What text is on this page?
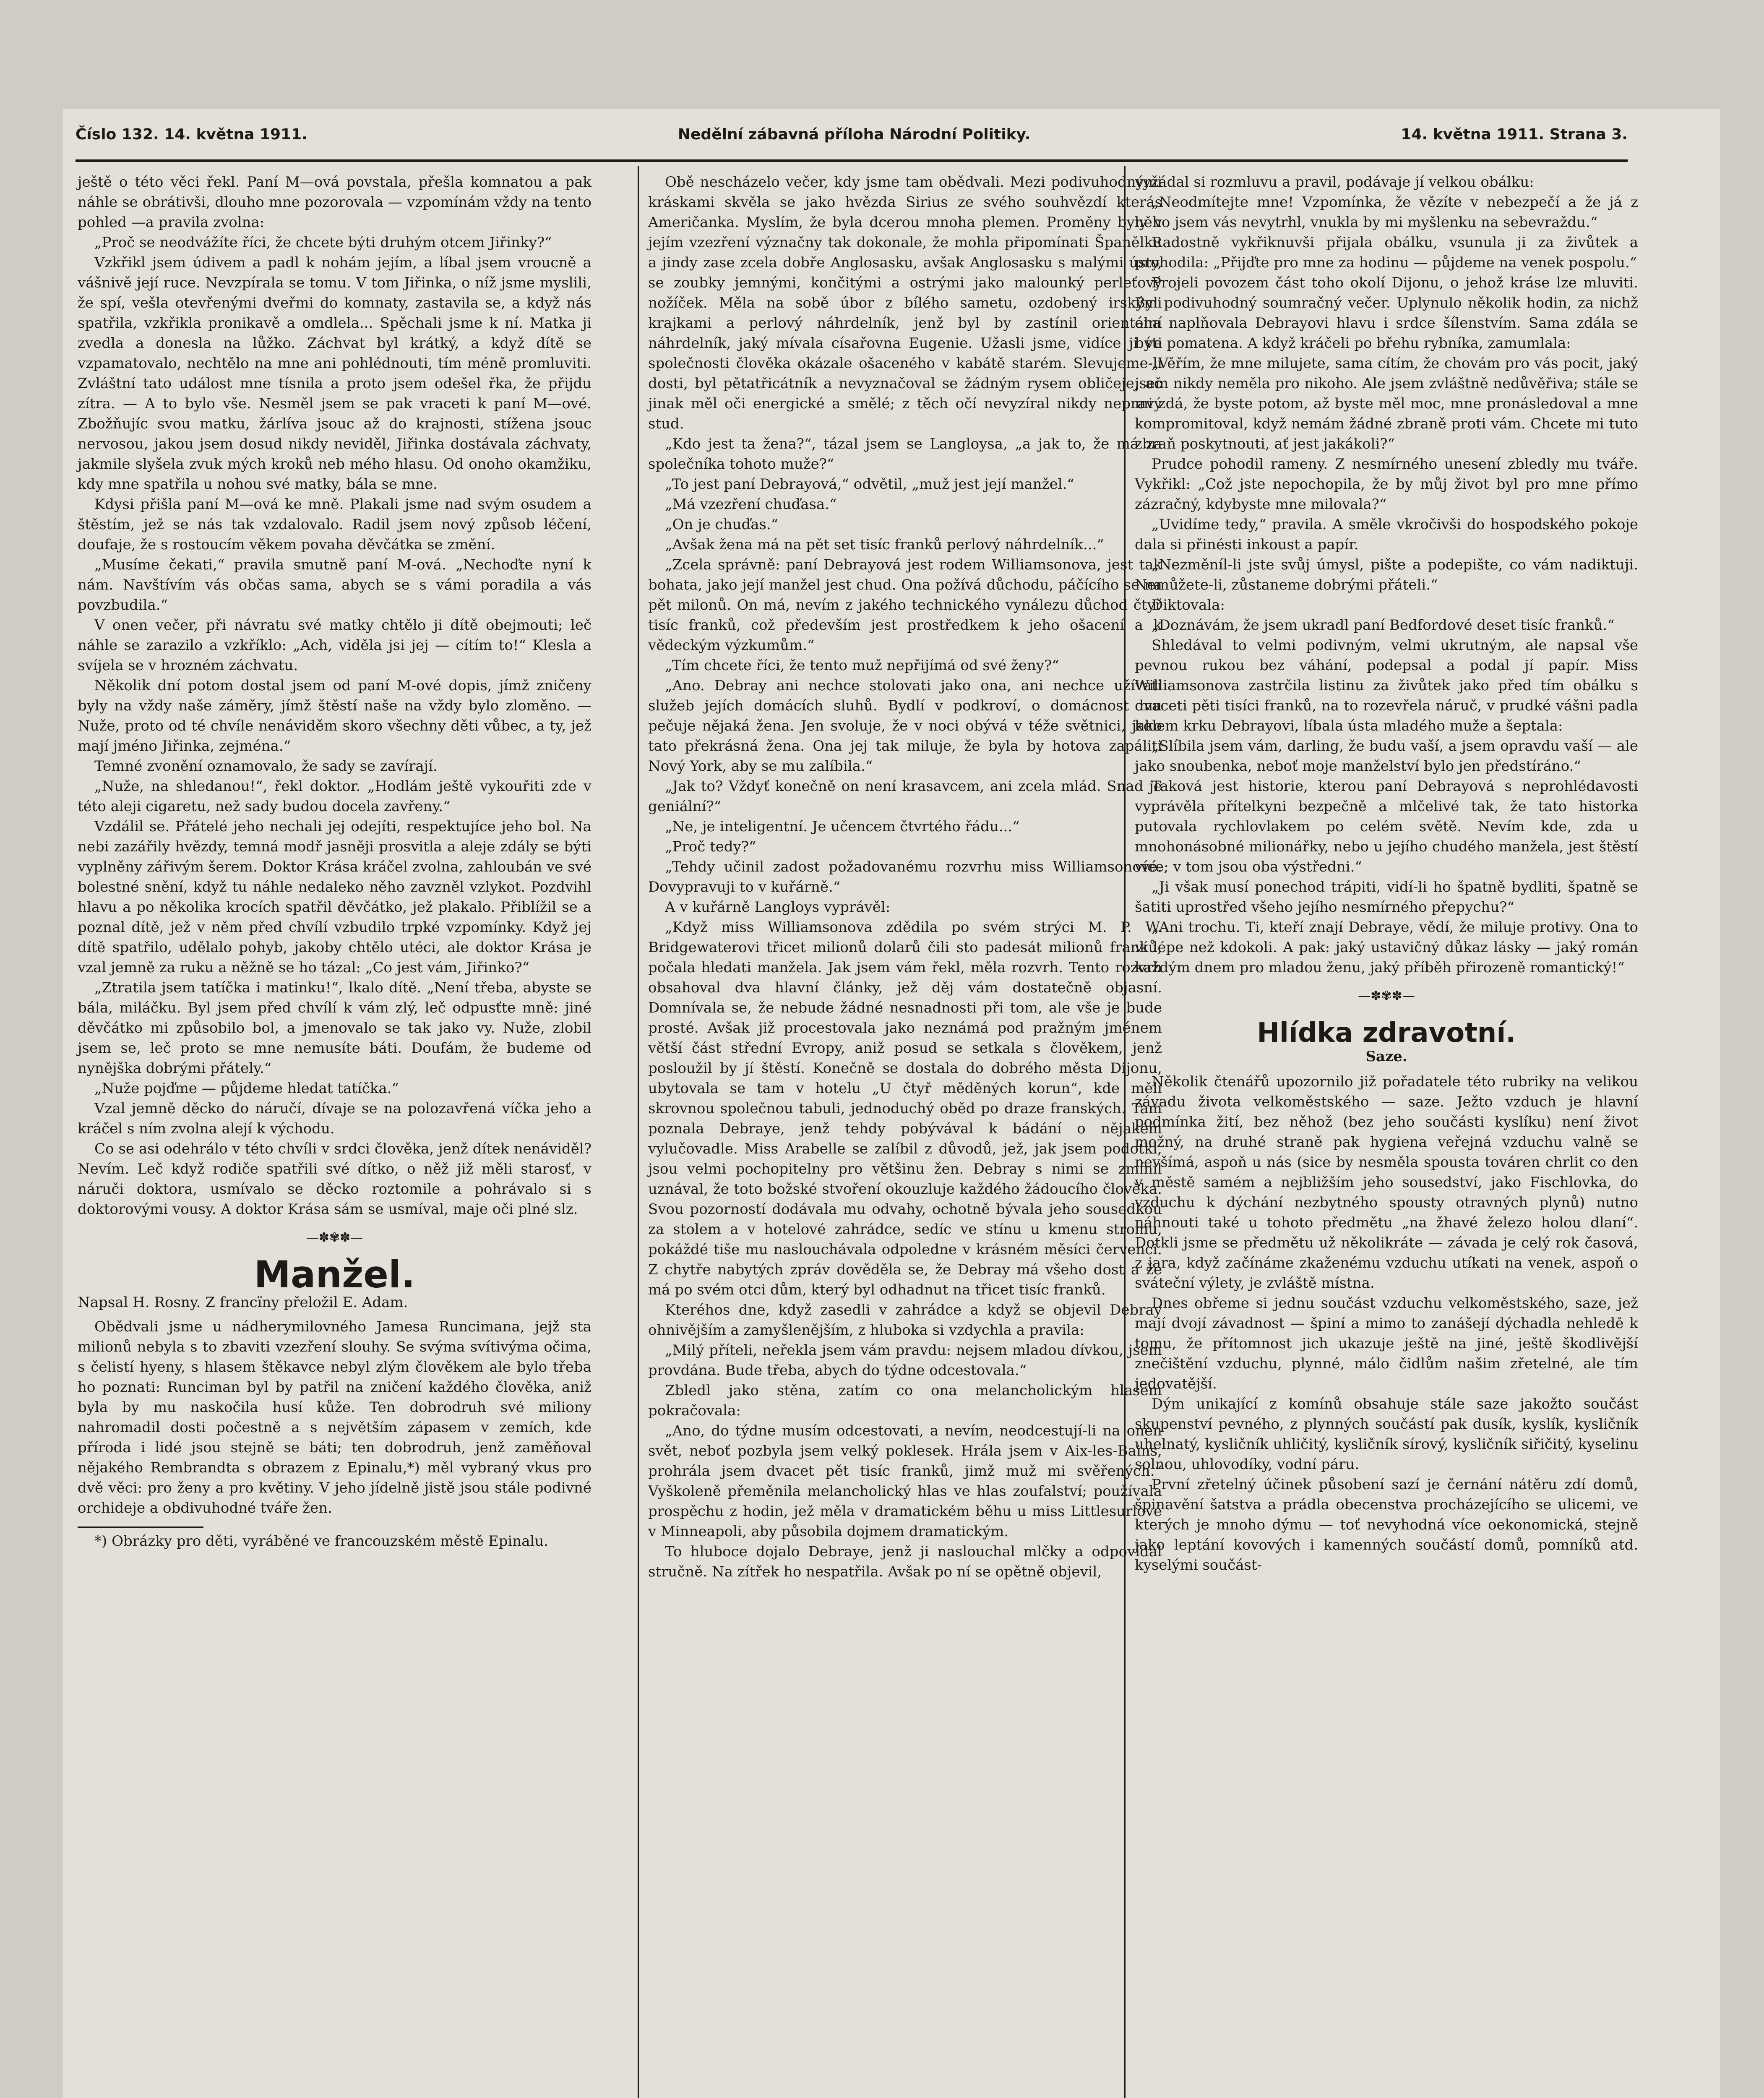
Číslo 132. 14. května 1911.	Nedělní zábavná příloha Národní Politiky.	14. května 1911. Strana 3.

ještě o této věci řekl. Paní M—ová povstala, přešla komnatou a pak náhle se obrátivši, dlouho mne pozorovala — vzpomínám vždy na tento pohled —a pravila zvolna:

„Proč se neodvážíte říci, že chcete býti druhým otcem Jiřinky?“

Vzkřikl jsem údivem a padl k nohám jejím, a líbal jsem vroucně a vášnivě její ruce. Nevzpírala se tomu. V tom Jiřinka, o níž jsme myslili, že spí, vešla otevřenými dveřmi do komnaty, zastavila se, a když nás spatřila, vzkřikla pronikavě a omdlela... Spěchali jsme k ní. Matka ji zvedla a donesla na lůžko. Záchvat byl krátký, a když dítě se vzpamatovalo, nechtělo na mne ani pohlédnouti, tím méně promluviti. Zvláštní tato událost mne tísnila a proto jsem odešel řka, že přijdu zítra. — A to bylo vše. Nesměl jsem se pak vraceti k paní M—ové. Zbožňujíc svou matku, žárlíva jsouc až do krajnosti, stížena jsouc nervosou, jakou jsem dosud nikdy neviděl, Jiřinka dostávala záchvaty, jakmile slyšela zvuk mých kroků neb mého hlasu. Od onoho okamžiku, kdy mne spatřila u nohou své matky, bála se mne.

Kdysi přišla paní M—ová ke mně. Plakali jsme nad svým osudem a štěstím, jež se nás tak vzdalovalo. Radil jsem nový způsob léčení, doufaje, že s rostoucím věkem povaha děvčátka se změní.

„Musíme čekati,“ pravila smutně paní M-ová. „Nechoďte nyní k nám. Navštívím vás občas sama, abych se s vámi poradila a vás povzbudila.“

V onen večer, při návratu své matky chtělo ji dítě obejmouti; leč náhle se zarazilo a vzkříklo: „Ach, viděla jsi jej — cítím to!“ Klesla a svíjela se v hrozném záchvatu.

Několik dní potom dostal jsem od paní M-ové dopis, jímž zničeny byly na vždy naše záměry, jímž štěstí naše na vždy bylo zloměno. — Nuže, proto od té chvíle nenáviděm skoro všechny děti vůbec, a ty, jež mají jméno Jiřinka, zejména.“

Temné zvonění oznamovalo, že sady se zavírají.

„Nuže, na shledanou!“, řekl doktor. „Hodlám ještě vykouřiti zde v této aleji cigaretu, než sady budou docela zavřeny.“

Vzdálil se. Přátelé jeho nechali jej odejíti, respektujíce jeho bol. Na nebi zazářily hvězdy, temná modř jasněji prosvitla a aleje zdály se býti vyplněny zářivým šerem. Doktor Krása kráčel zvolna, zahloubán ve své bolestné snění, když tu náhle nedaleko něho zavzněl vzlykot. Pozdvihl hlavu a po několika krocích spatřil děvčátko, jež plakalo. Přiblížil se a poznal dítě, jež v něm před chvílí vzbudilo trpké vzpomínky. Když jej dítě spatřilo, udělalo pohyb, jakoby chtělo utéci, ale doktor Krása je vzal jemně za ruku a něžně se ho tázal: „Co jest vám, Jiřinko?“

„Ztratila jsem tatíčka i matinku!“, lkalo dítě. „Není třeba, abyste se bála, miláčku. Byl jsem před chvílí k vám zlý, leč odpusťte mně: jiné děvčátko mi způsobilo bol, a jmenovalo se tak jako vy. Nuže, zlobil jsem se, leč proto se mne nemusíte báti. Doufám, že budeme od nynějška dobrými přátely.“

„Nuže pojďme — půjdeme hledat tatíčka.“

Vzal jemně děcko do náručí, dívaje se na polozavřená víčka jeho a kráčel s ním zvolna alejí k východu.

Co se asi odehrálo v této chvíli v srdci člověka, jenž dítek nenáviděl? Nevím. Leč když rodiče spatřili své dítko, o něž již měli starosť, v náruči doktora, usmívalo se děcko roztomile a pohrávalo si s doktorovými vousy. A doktor Krása sám se usmíval, maje oči plné slz.

—✽✾✽—
Manžel.

Napsal H. Rosny. Z francïny přeložil E. Adam.

Obědvali jsme u nádherymilovného Jamesa Runcimana, jejž sta milionů nebyla s to zbaviti vzezření slouhy. Se svýma svítivýma očima, s čelistí hyeny, s hlasem štěkavce nebyl zlým člověkem ale bylo třeba ho poznati: Runciman byl by patřil na zničení každého člověka, aniž byla by mu naskočila husí kůže. Ten dobrodruh své miliony nahromadil dosti počestně a s největším zápasem v zemích, kde příroda i lidé jsou stejně se báti; ten dobrodruh, jenž zaměňoval nějakého Rembrandta s obrazem z Epinalu,*) měl vybraný vkus pro dvě věci: pro ženy a pro květiny. V jeho jídelně jistě jsou stále podivné orchideje a obdivuhodné tváře žen.

*) Obrázky pro děti, vyráběné ve francouzském městě Epinalu.

Obě nescházelo večer, kdy jsme tam obědvali. Mezi podivuhodnými kráskami skvěla se jako hvězda Sirius ze svého souhvězdí kterás Američanka. Myslím, že byla dcerou mnoha plemen. Proměny byly v jejím vzezření význačny tak dokonale, že mohla připomínati Španělku a jindy zase zcela dobře Anglosasku, avšak Anglosasku s malými ústy, se zoubky jemnými, končitými a ostrými jako malounký perleťový nožíček. Měla na sobě úbor z bílého sametu, ozdobený irskými krajkami a perlový náhrdelník, jenž byl by zastínil orientální náhrdelník, jaký mívala císařovna Eugenie. Užasli jsme, vidíce ji ve společnosti člověka okázale ošaceného v kabátě starém. Slevujeme-li dosti, byl pětatřicátník a nevyznačoval se žádným rysem obličeje, ač jinak měl oči energické a smělé; z těch očí nevyzíral nikdy nepravý stud.

„Kdo jest ta žena?“, tázal jsem se Langloysa, „a jak to, že má za společníka tohoto muže?“

„To jest paní Debrayová,“ odvětil, „muž jest její manžel.“

„Má vzezření chuďasa.“

„On je chuďas.“

„Avšak žena má na pět set tisíc franků perlový náhrdelník...“

„Zcela správně: paní Debrayová jest rodem Williamsonova, jest tak bohata, jako její manžel jest chud. Ona požívá důchodu, páčícího se na pět milonů. On má, nevím z jakého technického vynálezu důchod čtyř tisíc franků, což především jest prostředkem k jeho ošacení a k vědeckým výzkumům.“

„Tím chcete říci, že tento muž nepřijímá od své ženy?“

„Ano. Debray ani nechce stolovati jako ona, ani nechce užívati služeb jejích domácích sluhů. Bydlí v podkroví, o domácnost mu pečuje nějaká žena. Jen svoluje, že v noci obývá v téže světnici, jako tato překrásná žena. Ona jej tak miluje, že byla by hotova zapáliti Nový York, aby se mu zalíbila.“

„Jak to? Vždyť konečně on není krasavcem, ani zcela mlád. Snad je geniální?“

„Ne, je inteligentní. Je učencem čtvrtého řádu...“

„Proč tedy?“

„Tehdy učinil zadost požadovanému rozvrhu miss Williamsonové. Dovypravuji to v kuřárně.“

A v kuřárně Langloys vyprávěl:

„Když miss Williamsonova zdědila po svém strýci M. P. W. Bridgewaterovi třicet milionů dolarů čili sto padesát milionů franků, počala hledati manžela. Jak jsem vám řekl, měla rozvrh. Tento rozvrh obsahoval dva hlavní články, jež děj vám dostatečně objasní. Domnívala se, že nebude žádné nesnadnosti při tom, ale vše je bude prosté. Avšak již procestovala jako neznámá pod pražným jménem větší část střední Evropy, aniž posud se setkala s člověkem, jenž posloužil by jí štěstí. Konečně se dostala do dobrého města Dijonu, ubytovala se tam v hotelu „U čtyř měděných korun“, kde měli skrovnou společnou tabuli, jednoduchý oběd po draze franských. Tam poznala Debraye, jenž tehdy pobývával k bádání o nějakém vylučovadle. Miss Arabelle se zalíbil z důvodů, jež, jak jsem podotkl, jsou velmi pochopitelny pro většinu žen. Debray s nimi se zmínil uznával, že toto božské stvoření okouzluje každého žádoucího člověka. Svou pozorností dodávala mu odvahy, ochotně bývala jeho sousedkou za stolem a v hotelové zahrádce, sedíc ve stínu u kmenu stromu, pokáždé tiše mu naslouchávala odpoledne v krásném měsíci červenci. Z chytře nabytých zpráv dověděla se, že Debray má všeho dost a že má po svém otci dům, který byl odhadnut na třicet tisíc franků.

Kteréhos dne, když zasedli v zahrádce a když se objevil Debray ohnivějším a zamyšlenějším, z hluboka si vzdychla a pravila:

„Milý příteli, neřekla jsem vám pravdu: nejsem mladou dívkou, jsem provdána. Bude třeba, abych do týdne odcestovala.“

Zbledl jako stěna, zatím co ona melancholickým hlasem pokračovala:

„Ano, do týdne musím odcestovati, a nevím, neodcestují-li na onen svět, neboť pozbyla jsem velký poklesek. Hrála jsem v Aix-les-Bains, prohrála jsem dvacet pět tisíc franků, jimž muž mi svěřených.“ Vyškoleně přeměnila melancholický hlas ve hlas zoufalství; používala prospěchu z hodin, jež měla v dramatickém běhu u miss Littlesurlové v Minneapoli, aby působila dojmem dramatickým.

To hluboce dojalo Debraye, jenž ji naslouchal mlčky a odpovídal stručně. Na zítřek ho nespatřila. Avšak po ní se opětně objevil,

vyžádal si rozmluvu a pravil, podávaje jí velkou obálku:

„Neodmítejte mne! Vzpomínka, že vězíte v nebezpečí a že já z něho jsem vás nevytrhl, vnukla by mi myšlenku na sebevraždu.“

Radostně vykřiknuvši přijala obálku, vsunula ji za živůtek a prohodila: „Přijďte pro mne za hodinu — půjdeme na venek pospolu.“

Projeli povozem část toho okolí Dijonu, o jehož kráse lze mluviti. Byl podivuhodný soumračný večer. Uplynulo několik hodin, za nichž ona naplňovala Debrayovi hlavu i srdce šílenstvím. Sama zdála se býti pomatena. A když kráčeli po břehu rybníka, zamumlala:

„Věřím, že mne milujete, sama cítím, že chovám pro vás pocit, jaký jsem nikdy neměla pro nikoho. Ale jsem zvláštně nedůvěřiva; stále se mi zdá, že byste potom, až byste měl moc, mne pronásledoval a mne kompromitoval, když nemám žádné zbraně proti vám. Chcete mi tuto zbraň poskytnouti, ať jest jakákoli?“

Prudce pohodil rameny. Z nesmírného unesení zbledly mu tváře. Vykřikl: „Což jste nepochopila, že by můj život byl pro mne přímo zázračný, kdybyste mne milovala?“

„Uvidíme tedy,“ pravila. A směle vkročivši do hospodského pokoje dala si přinésti inkoust a papír.

„Nezměníl-li jste svůj úmysl, pište a podepište, co vám nadiktuji. Nemůžete-li, zůstaneme dobrými přáteli.“

Diktovala:

„Doznávám, že jsem ukradl paní Bedfordové deset tisíc franků.“

Shledával to velmi podivným, velmi ukrutným, ale napsal vše pevnou rukou bez váhání, podepsal a podal jí papír. Miss Williamsonova zastrčila listinu za živůtek jako před tím obálku s dvaceti pěti tisíci franků, na to rozevřela náruč, v prudké vášni padla kolem krku Debrayovi, líbala ústa mladého muže a šeptala:

„Slíbila jsem vám, darling, že budu vaší, a jsem opravdu vaší — ale jako snoubenka, neboť moje manželství bylo jen předstíráno.“

Taková jest historie, kterou paní Debrayová s neprohlédavosti vyprávěla přítelkyni bezpečně a mlčelivé tak, že tato historka putovala rychlovlakem po celém světě. Nevím kde, zda u mnohonásobné milionářky, nebo u jejího chudého manžela, jest štěstí více; v tom jsou oba výstředni.“

„Ji však musí ponechod trápiti, vidí-li ho špatně bydliti, špatně se šatiti uprostřed všeho jejího nesmírného přepychu?“

„Ani trochu. Ti, kteří znají Debraye, vědí, že miluje protivy. Ona to ví lépe než kdokoli. A pak: jaký ustavičný důkaz lásky — jaký román každým dnem pro mladou ženu, jaký příběh přirozeně romantický!“

—✽✾✽—
Hlídka zdravotní.

Saze.

Několik čtenářů upozornilo již pořadatele této rubriky na velikou závadu života velkoměstského — saze. Ježto vzduch je hlavní podmínka žití, bez něhož (bez jeho součásti kyslíku) není život možný, na druhé straně pak hygiena veřejná vzduchu valně se nevšímá, aspoň u nás (sice by nesměla spousta továren chrlit co den v městě samém a nejbližším jeho sousedství, jako Fischlovka, do vzduchu k dýchání nezbytného spousty otravných plynů) nutno náhnouti také u tohoto předmětu „na žhavé železo holou dlaní“. Dotkli jsme se předmětu už několikráte — závada je celý rok časová, z jara, když začínáme zkaženému vzduchu utíkati na venek, aspoň o sváteční výlety, je zvláště místna.

Dnes obřeme si jednu součást vzduchu velkoměstského, saze, jež mají dvojí závadnost — špiní a mimo to zanášejí dýchadla nehledě k tomu, že přítomnost jich ukazuje ještě na jiné, ještě škodlivější znečištění vzduchu, plynné, málo čidlům našim zřetelné, ale tím jedovatější.

Dým unikající z komínů obsahuje stále saze jakožto součást skupenství pevného, z plynných součástí pak dusík, kyslík, kysličník uhelnatý, kysličník uhličitý, kysličník sírový, kysličník siřičitý, kyselinu solnou, uhlovodíky, vodní páru.

První zřetelný účinek působení sazí je černání nátěru zdí domů, špinavění šatstva a prádla obecenstva procházejícího se ulicemi, ve kterých je mnoho dýmu — toť nevyhodná více oekonomická, stejně jako leptání kovových i kamenných součástí domů, pomníků atd. kyselými součást-
